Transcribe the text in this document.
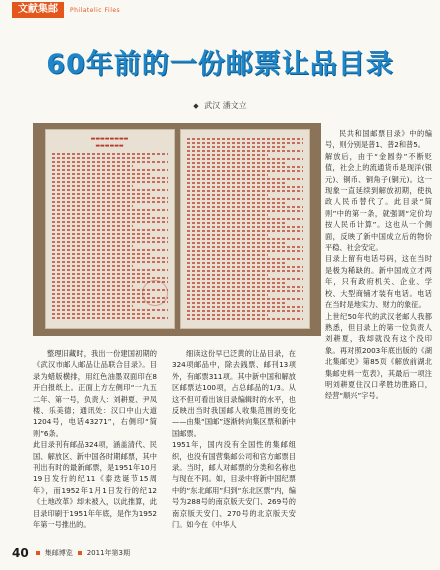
文献集邮	Philatelic Files
60年前的一份邮票让品目录
◆ 武汉 潘文立
▬▬▬▬▬▬▬▬
▬▬▬▬▬▬

民共和国邮票目录》中的编号，则分别是普1、普2和普5。
解放后，由于“金圆券”不断贬值，社会上的流通货币是现洋(银元)、铜币、铜角子(铜元)。这一现象一直延续到解放初期，使执政人民币替代了。此目录“简则”中的第一条，就强调“定价均按人民币计算”。这也从一个侧面，反映了新中国成立后的物价平稳、社会安定。
目录上留有电话号码，这在当时是极为稀缺的。新中国成立才两年，只有政府机关、企业、学校、大型商铺才装有电话。电话在当时是地实力、财力的象征。
上世纪50年代的武汉老邮人我都熟悉，但目录上的第一位负责人刘耕夏，我却就没有这个没印象。再对照2003年底出版的《湖北集邮史》第85页《解放前湖北集邮史料一览表》，其最后一项注明刘耕夏住汉口孝胜坊胜路口，经营“顺兴”字号。

整理旧藏时，我出一份建国初期的《武汉市邮人邮品让品联合目录》。目录为蜡版横排，用红色油墨双面印在8开白报纸上。正面上方左侧印“一九五二年、第一号，负责人：刘耕夏、尹凤楼、乐美德；通讯处：汉口中山大道1204号，电话43271”，右侧印“简则”6条。
此目录刊有邮品324项，涵盖清代、民国、解放区、新中国各时期邮票，其中刊出有时的最新邮票，是1951年10月19日发行的纪11《泰迭诞节15周年》，而1952年1月1日发行的纪12《土地改革》却未被入，以此推算，此目录印刷于1951年年底，是作为1952年第一号推出的。

细读这份早已泛黄的让品目录，在324项邮品中，除去銭票、邮刊13项外，有邮票311项。其中新中国和解放区邮票达100项，占总邮品的1/3。从这不但可看出该目录编辑时的水平，也反映出当时我国邮人收集范围的变化——由集“国邮”逐渐转向集区票和新中国邮票。
1951年，国内没有全国性的集邮组织，也没有国营集邮公司和官方邮票目录。当时，邮人对邮票的分类和名称也与现在不同。如，目录中将新中国纪票中的“东北邮用”归到“东北区票”内，编号为288号的南京版天安门、269号的南京版天安门、270号的北京版天安门。如今在《中华人

40 集邮博览 2011年第3期
